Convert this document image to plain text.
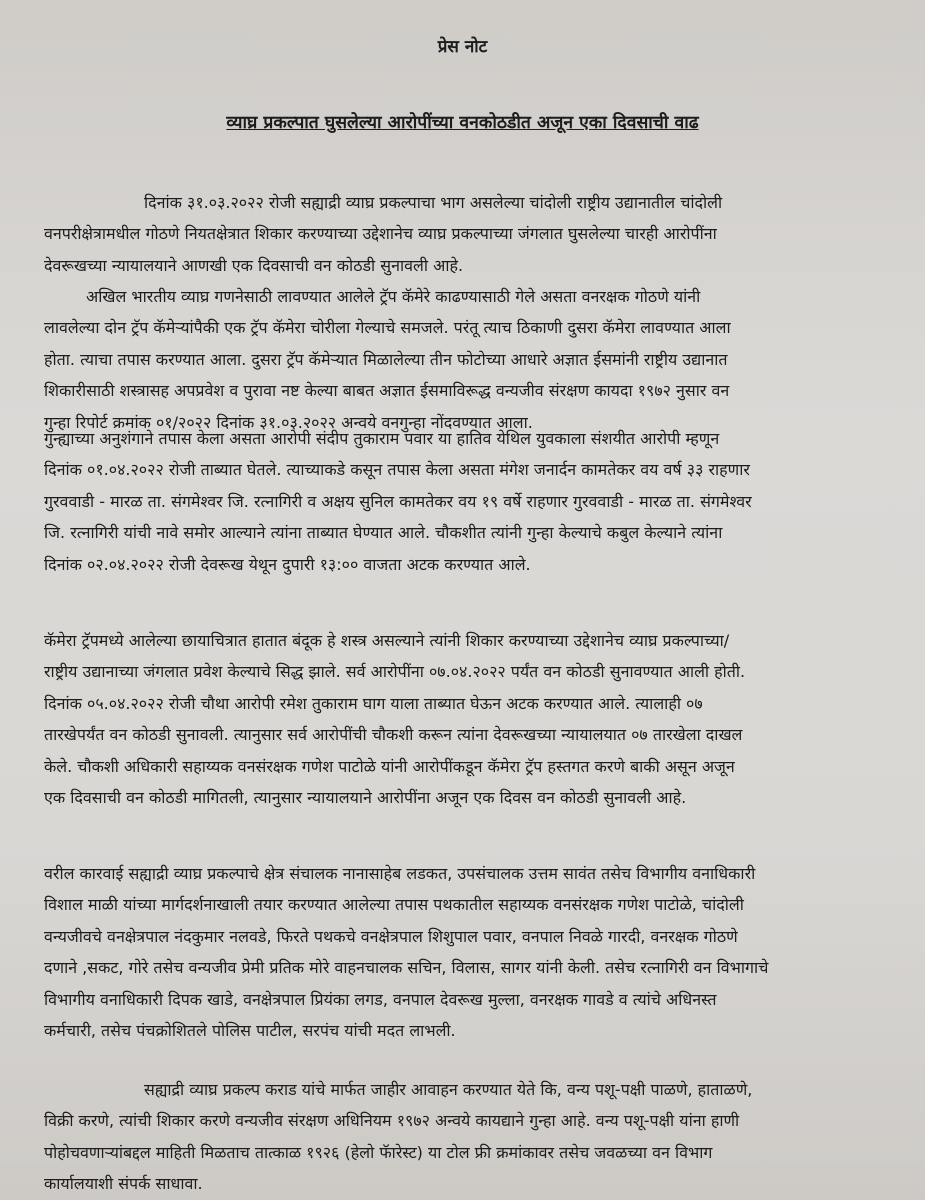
प्रेस नोट
व्याघ्र प्रकल्पात घुसलेल्या आरोपींच्या वनकोठडीत अजून एका दिवसाची वाढ

दिनांक ३१.०३.२०२२ रोजी सह्याद्री व्याघ्र प्रकल्पाचा भाग असलेल्या चांदोली राष्ट्रीय उद्यानातील चांदोली
वनपरीक्षेत्रामधील गोठणे नियतक्षेत्रात शिकार करण्याच्या उद्देशानेच व्याघ्र प्रकल्पाच्या जंगलात घुसलेल्या चारही आरोपींना
देवरूखच्या न्यायालयाने आणखी एक दिवसाची वन कोठडी सुनावली आहे.

अखिल भारतीय व्याघ्र गणनेसाठी लावण्यात आलेले ट्रॅप कॅमेरे काढण्यासाठी गेले असता वनरक्षक गोठणे यांनी
लावलेल्या दोन ट्रॅप कॅमेऱ्यांपैकी एक ट्रॅप कॅमेरा चोरीला गेल्याचे समजले. परंतू त्याच ठिकाणी दुसरा कॅमेरा लावण्यात आला
होता. त्याचा तपास करण्यात आला. दुसरा ट्रॅप कॅमेऱ्यात मिळालेल्या तीन फोटोच्या आधारे अज्ञात ईसमांनी राष्ट्रीय उद्यानात
शिकारीसाठी शस्त्रासह अपप्रवेश व पुरावा नष्ट केल्या बाबत अज्ञात ईसमाविरूद्ध वन्यजीव संरक्षण कायदा १९७२ नुसार वन
गुन्हा रिपोर्ट क्रमांक ०१/२०२२ दिनांक ३१.०३.२०२२ अन्वये वनगुन्हा नोंदवण्यात आला.

गुन्ह्याच्या अनुशंगाने तपास केला असता आरोपी संदीप तुकाराम पवार या हातिव येथिल युवकाला संशयीत आरोपी म्हणून
दिनांक ०१.०४.२०२२ रोजी ताब्यात घेतले. त्याच्याकडे कसून तपास केला असता मंगेश जनार्दन कामतेकर वय वर्ष ३३ राहणार
गुरववाडी - मारळ ता. संगमेश्वर जि. रत्नागिरी व अक्षय सुनिल कामतेकर वय १९ वर्षे राहणार गुरववाडी - मारळ ता. संगमेश्वर
जि. रत्नागिरी यांची नावे समोर आल्याने त्यांना ताब्यात घेण्यात आले. चौकशीत त्यांनी गुन्हा केल्याचे कबुल केल्याने त्यांना
दिनांक ०२.०४.२०२२ रोजी देवरूख येथून दुपारी १३:०० वाजता अटक करण्यात आले.

कॅमेरा ट्रॅपमध्ये आलेल्या छायाचित्रात हातात बंदूक हे शस्त्र असल्याने त्यांनी शिकार करण्याच्या उद्देशानेच व्याघ्र प्रकल्पाच्या/
राष्ट्रीय उद्यानाच्या जंगलात प्रवेश केल्याचे सिद्ध झाले. सर्व आरोपींना ०७.०४.२०२२ पर्यंत वन कोठडी सुनावण्यात आली होती.
दिनांक ०५.०४.२०२२ रोजी चौथा आरोपी रमेश तुकाराम घाग याला ताब्यात घेऊन अटक करण्यात आले. त्यालाही ०७
तारखेपर्यंत वन कोठडी सुनावली. त्यानुसार सर्व आरोपींची चौकशी करून त्यांना देवरूखच्या न्यायालयात ०७ तारखेला दाखल
केले. चौकशी अधिकारी सहाय्यक वनसंरक्षक गणेश पाटोळे यांनी आरोपींकडून कॅमेरा ट्रॅप हस्तगत करणे बाकी असून अजून
एक दिवसाची वन कोठडी मागितली, त्यानुसार न्यायालयाने आरोपींना अजून एक दिवस वन कोठडी सुनावली आहे.

वरील कारवाई सह्याद्री व्याघ्र प्रकल्पाचे क्षेत्र संचालक नानासाहेब लडकत, उपसंचालक उत्तम सावंत तसेच विभागीय वनाधिकारी
विशाल माळी यांच्या मार्गदर्शनाखाली तयार करण्यात आलेल्या तपास पथकातील सहाय्यक वनसंरक्षक गणेश पाटोळे, चांदोली
वन्यजीवचे वनक्षेत्रपाल नंदकुमार नलवडे, फिरते पथकचे वनक्षेत्रपाल शिशुपाल पवार, वनपाल निवळे गारदी, वनरक्षक गोठणे
दणाने ,सकट, गोरे तसेच वन्यजीव प्रेमी प्रतिक मोरे वाहनचालक सचिन, विलास, सागर यांनी केली. तसेच रत्नागिरी वन विभागाचे
विभागीय वनाधिकारी दिपक खाडे, वनक्षेत्रपाल प्रियंका लगड, वनपाल देवरूख मुल्ला, वनरक्षक गावडे व त्यांचे अधिनस्त
कर्मचारी, तसेच पंचक्रोशितले पोलिस पाटील, सरपंच यांची मदत लाभली.

सह्याद्री व्याघ्र प्रकल्प कराड यांचे मार्फत जाहीर आवाहन करण्यात येते कि, वन्य पशू-पक्षी पाळणे, हाताळणे,
विक्री करणे, त्यांची शिकार करणे वन्यजीव संरक्षण अधिनियम १९७२ अन्वये कायद्याने गुन्हा आहे. वन्य पशू-पक्षी यांना हाणी
पोहोचवणाऱ्यांबद्दल माहिती मिळताच तात्काळ १९२६ (हेलो फॅारेस्ट) या टोल फ्री क्रमांकावर तसेच जवळच्या वन विभाग
कार्यालयाशी संपर्क साधावा.
